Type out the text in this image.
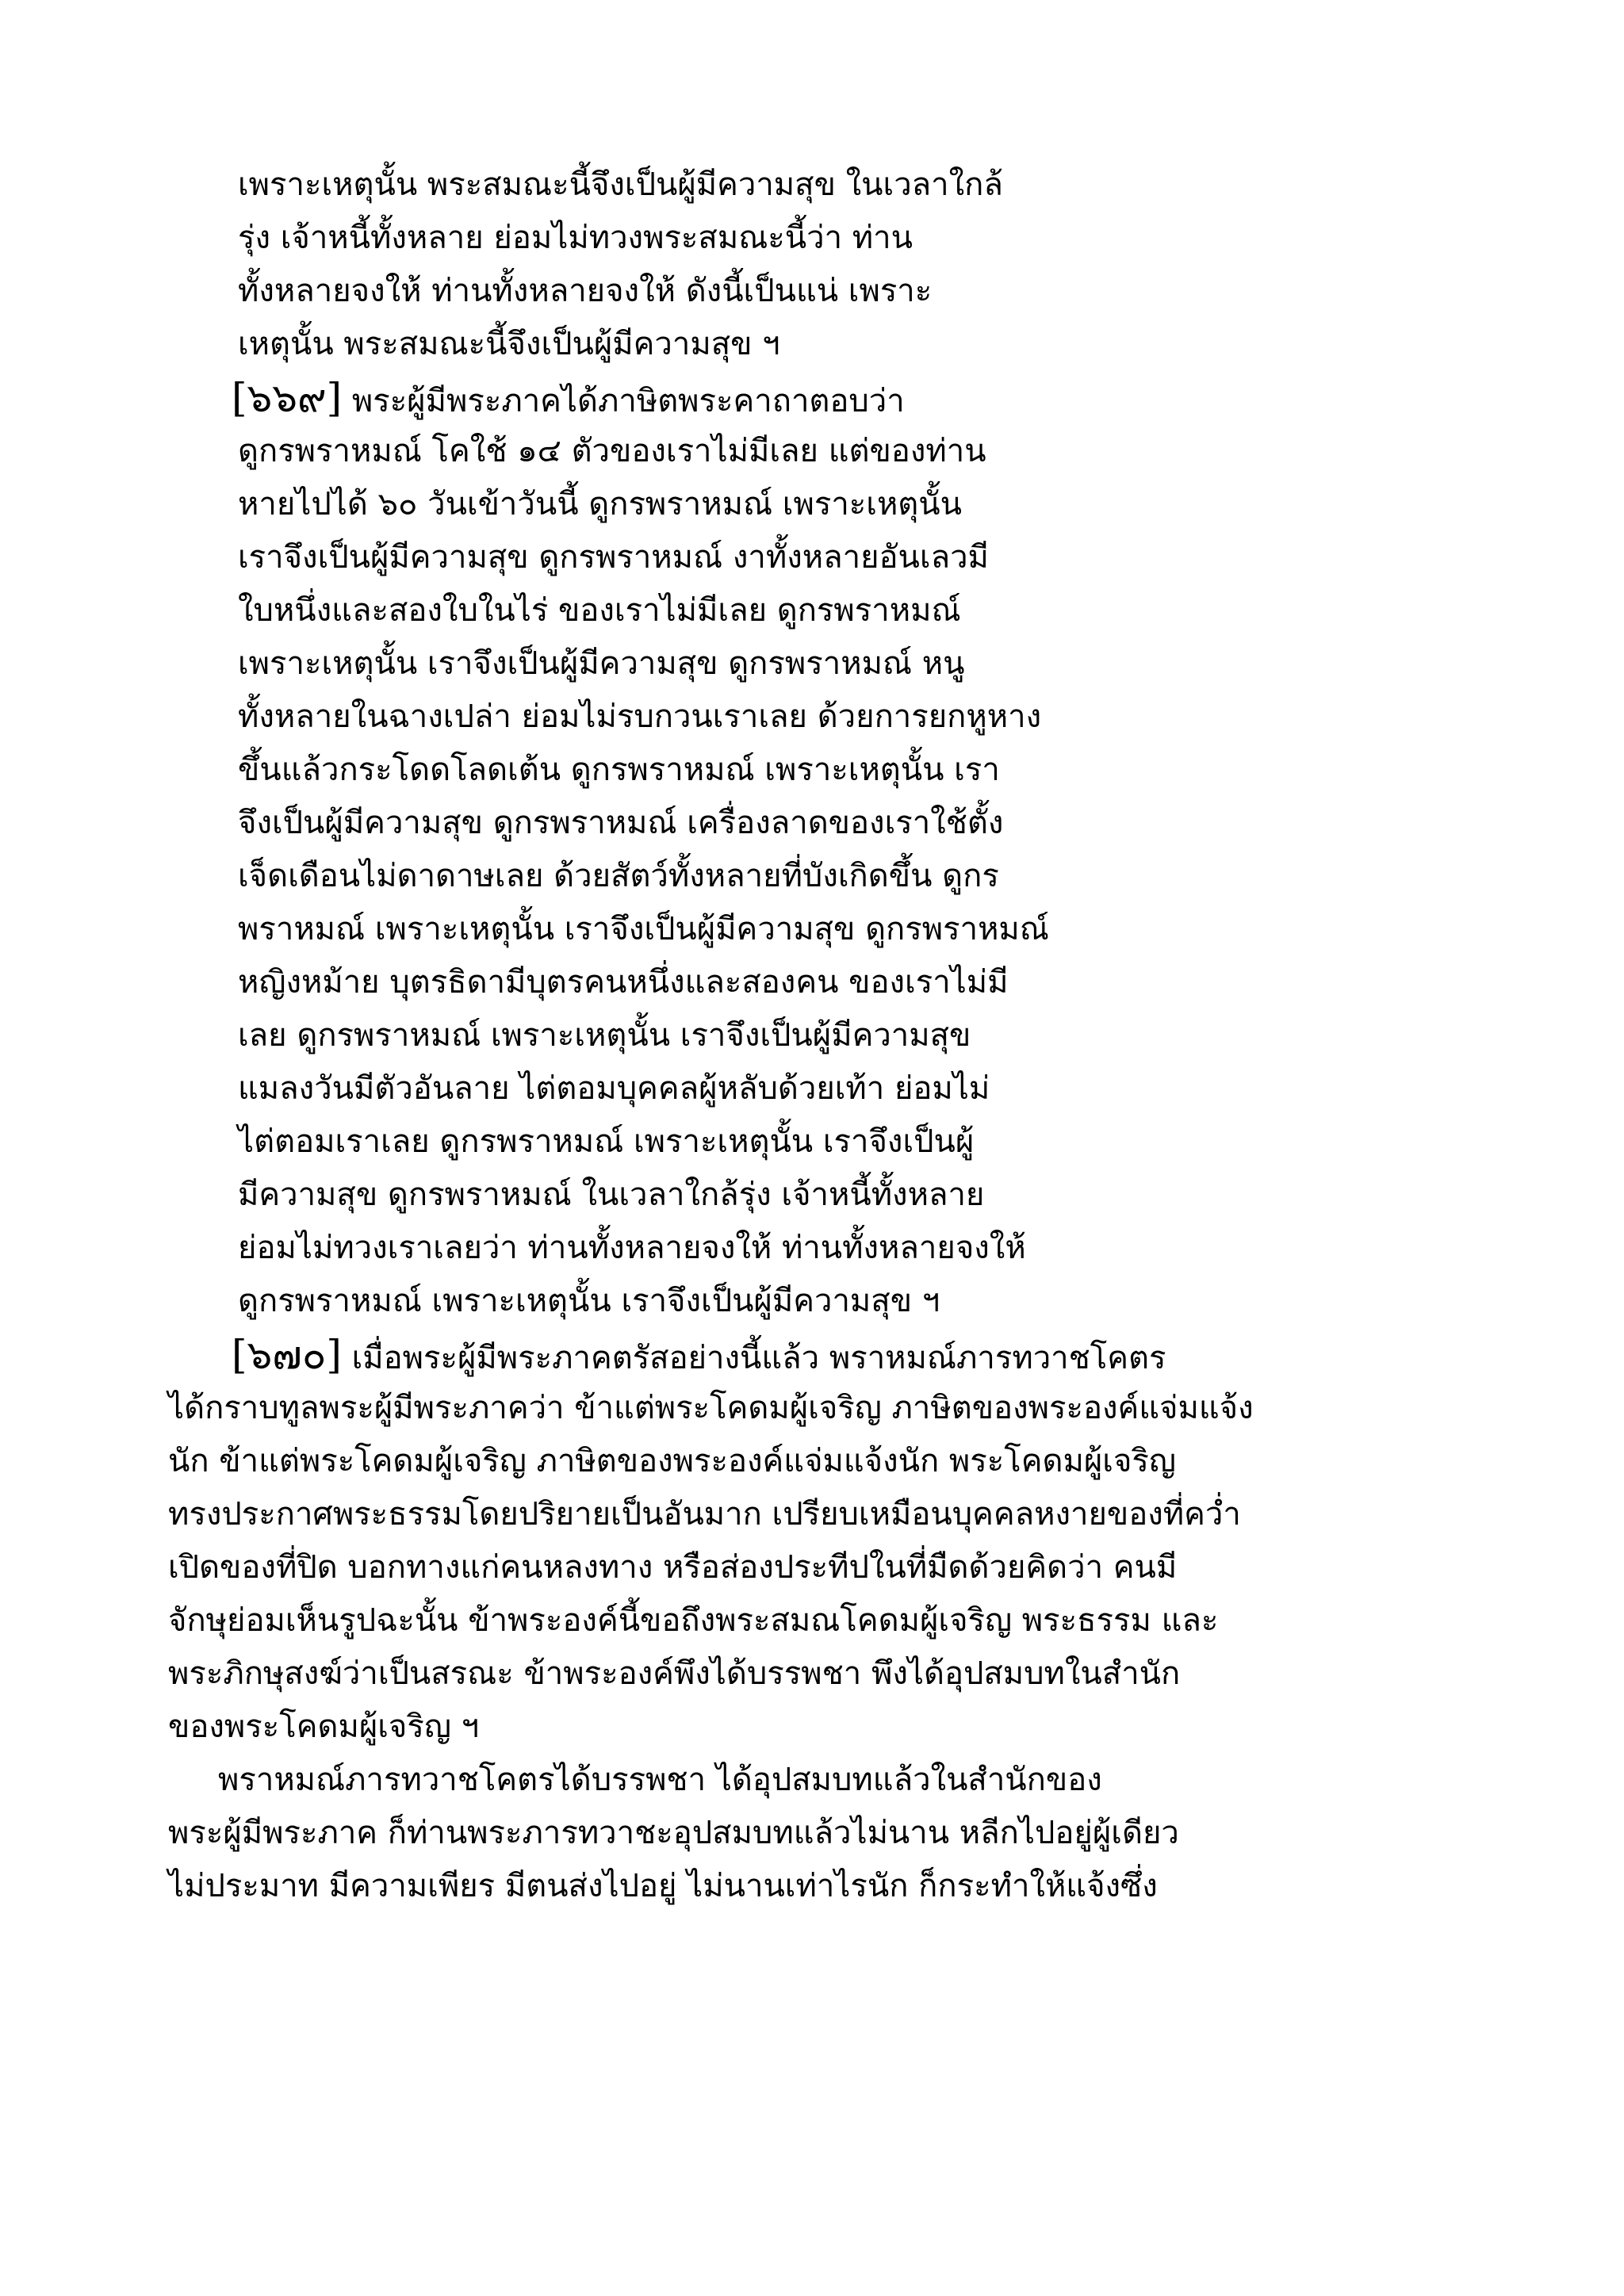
เพราะเหตุนั้น พระสมณะนี้จึงเป็นผู้มีความสุข ในเวลาใกล้
รุ่ง เจ้าหนี้ทั้งหลาย ย่อมไม่ทวงพระสมณะนี้ว่า ท่าน
ทั้งหลายจงให้ ท่านทั้งหลายจงให้ ดังนี้เป็นแน่ เพราะ
เหตุนั้น พระสมณะนี้จึงเป็นผู้มีความสุข ฯ
[๖๖๙] พระผู้มีพระภาคได้ภาษิตพระคาถาตอบว่า
ดูกรพราหมณ์ โคใช้ ๑๔ ตัวของเราไม่มีเลย แต่ของท่าน
หายไปได้ ๖๐ วันเข้าวันนี้ ดูกรพราหมณ์ เพราะเหตุนั้น
เราจึงเป็นผู้มีความสุข ดูกรพราหมณ์ งาทั้งหลายอันเลวมี
ใบหนึ่งและสองใบในไร่ ของเราไม่มีเลย ดูกรพราหมณ์
เพราะเหตุนั้น เราจึงเป็นผู้มีความสุข ดูกรพราหมณ์ หนู
ทั้งหลายในฉางเปล่า ย่อมไม่รบกวนเราเลย ด้วยการยกหูหาง
ขึ้นแล้วกระโดดโลดเต้น ดูกรพราหมณ์ เพราะเหตุนั้น เรา
จึงเป็นผู้มีความสุข ดูกรพราหมณ์ เครื่องลาดของเราใช้ตั้ง
เจ็ดเดือนไม่ดาดาษเลย ด้วยสัตว์ทั้งหลายที่บังเกิดขึ้น ดูกร
พราหมณ์ เพราะเหตุนั้น เราจึงเป็นผู้มีความสุข ดูกรพราหมณ์
หญิงหม้าย บุตรธิดามีบุตรคนหนึ่งและสองคน ของเราไม่มี
เลย ดูกรพราหมณ์ เพราะเหตุนั้น เราจึงเป็นผู้มีความสุข
แมลงวันมีตัวอันลาย ไต่ตอมบุคคลผู้หลับด้วยเท้า ย่อมไม่
ไต่ตอมเราเลย ดูกรพราหมณ์ เพราะเหตุนั้น เราจึงเป็นผู้
มีความสุข ดูกรพราหมณ์ ในเวลาใกล้รุ่ง เจ้าหนี้ทั้งหลาย
ย่อมไม่ทวงเราเลยว่า ท่านทั้งหลายจงให้ ท่านทั้งหลายจงให้
ดูกรพราหมณ์ เพราะเหตุนั้น เราจึงเป็นผู้มีความสุข ฯ
[๖๗๐] เมื่อพระผู้มีพระภาคตรัสอย่างนี้แล้ว พราหมณ์ภารทวาชโคตร
ได้กราบทูลพระผู้มีพระภาคว่า ข้าแต่พระโคดมผู้เจริญ ภาษิตของพระองค์แจ่มแจ้ง
นัก ข้าแต่พระโคดมผู้เจริญ ภาษิตของพระองค์แจ่มแจ้งนัก พระโคดมผู้เจริญ
ทรงประกาศพระธรรมโดยปริยายเป็นอันมาก เปรียบเหมือนบุคคลหงายของที่คว่ำ
เปิดของที่ปิด บอกทางแก่คนหลงทาง หรือส่องประทีปในที่มืดด้วยคิดว่า คนมี
จักษุย่อมเห็นรูปฉะนั้น ข้าพระองค์นี้ขอถึงพระสมณโคดมผู้เจริญ พระธรรม และ
พระภิกษุสงฆ์ว่าเป็นสรณะ ข้าพระองค์พึงได้บรรพชา พึงได้อุปสมบทในสำนัก
ของพระโคดมผู้เจริญ ฯ
พราหมณ์ภารทวาชโคตรได้บรรพชา ได้อุปสมบทแล้วในสำนักของ
พระผู้มีพระภาค ก็ท่านพระภารทวาชะอุปสมบทแล้วไม่นาน หลีกไปอยู่ผู้เดียว
ไม่ประมาท มีความเพียร มีตนส่งไปอยู่ ไม่นานเท่าไรนัก ก็กระทำให้แจ้งซึ่ง
